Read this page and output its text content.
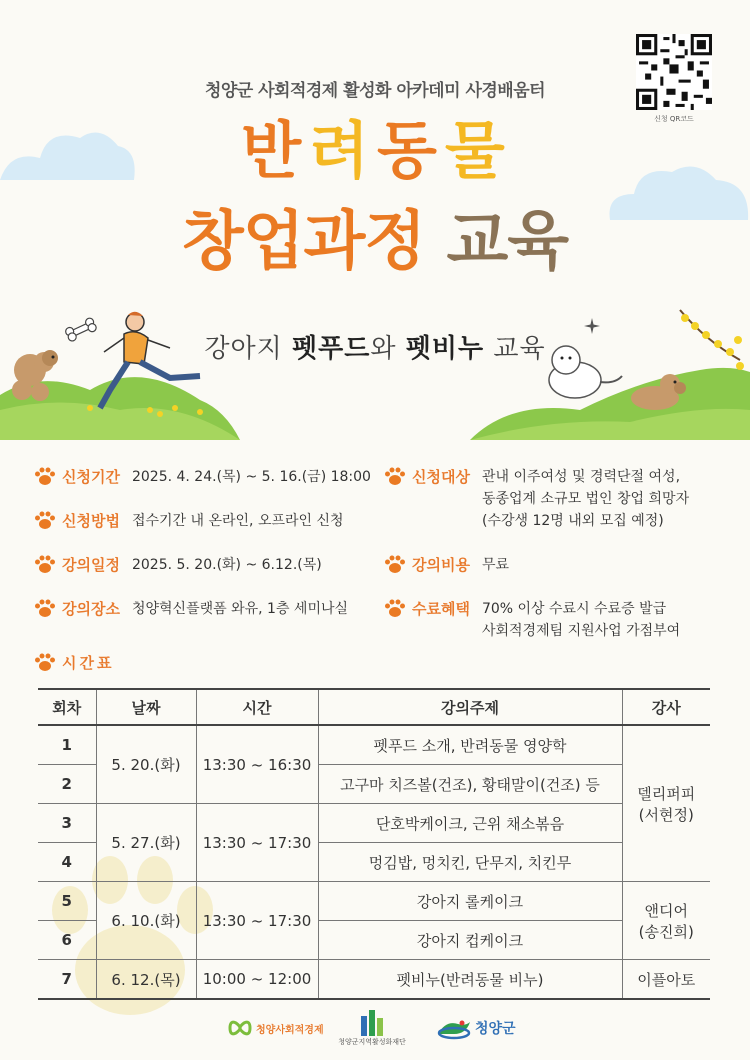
청양군 사회적경제 활성화 아카데미 사경배움터
반려동물
창업과정 교육
강아지 펫푸드와 펫비누 교육
신청 QR코드
신청기간 2025. 4. 24.(목) ~ 5. 16.(금) 18:00
신청방법 접수기간 내 온라인, 오프라인 신청
강의일정 2025. 5. 20.(화) ~ 6.12.(목)
강의장소 청양혁신플랫폼 와유, 1층 세미나실
신청대상 관내 이주여성 및 경력단절 여성,
동종업계 소규모 법인 창업 희망자
(수강생 12명 내외 모집 예정)
강의비용 무료
수료혜택 70% 이상 수료시 수료증 발급
사회적경제팀 지원사업 가점부여
시간표
회차	날짜	시간	강의주제	강사
1	5. 20.(화)	13:30 ~ 16:30	펫푸드 소개, 반려동물 영양학	델리퍼피
(서현정)
2			고구마 치즈볼(건조), 황태말이(건조) 등	
3	5. 27.(화)	13:30 ~ 17:30	단호박케이크, 근위 채소볶음	
4			멍김밥, 멍치킨, 단무지, 치킨무	
5	6. 10.(화)	13:30 ~ 17:30	강아지 롤케이크	앤디어
(송진희)
6			강아지 컵케이크	
7	6. 12.(목)	10:00 ~ 12:00	펫비누(반려동물 비누)	이플아토
청양사회적경제
청양군지역활성화재단
청양군
